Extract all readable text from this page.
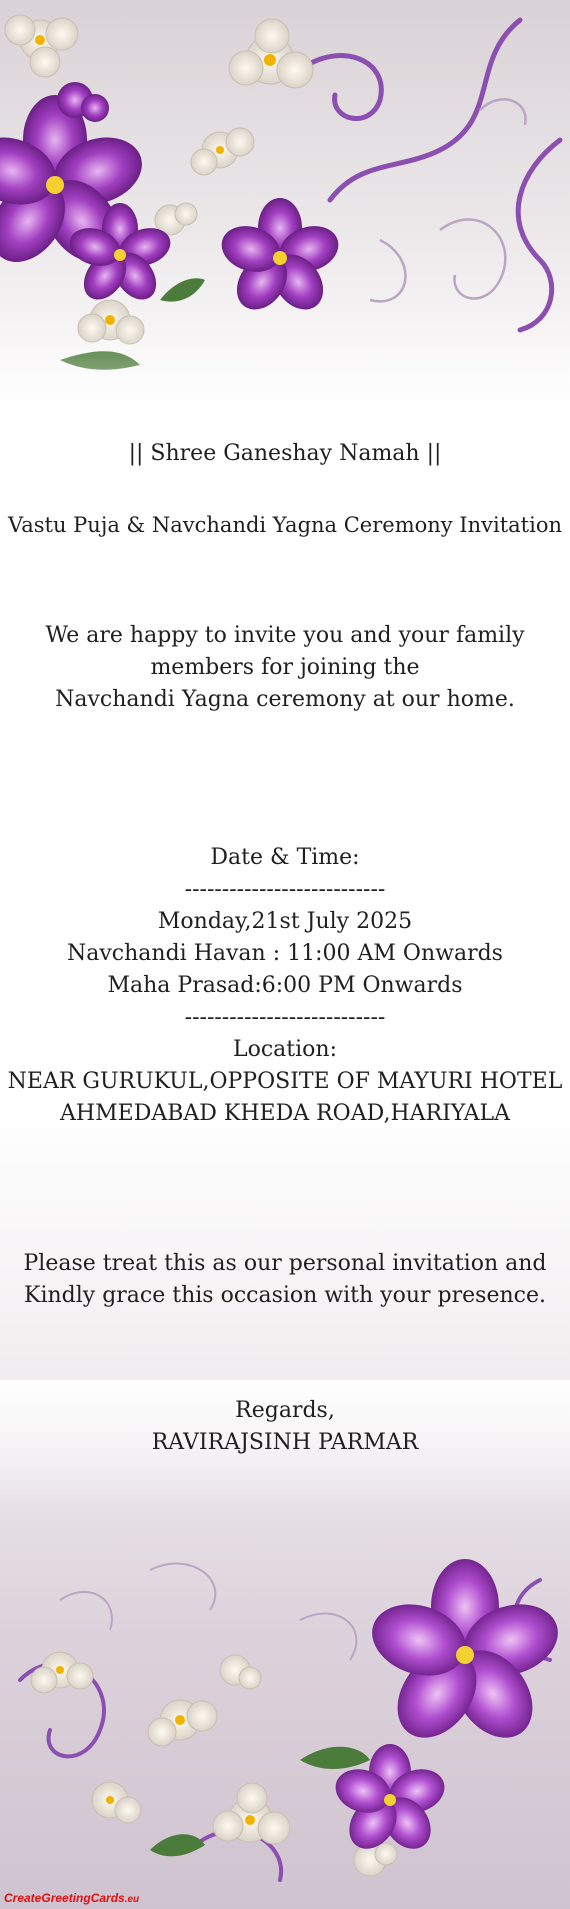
|| Shree Ganeshay Namah ||
Vastu Puja & Navchandi Yagna Ceremony Invitation
We are happy to invite you and your family
members for joining the
Navchandi Yagna ceremony at our home.
Date & Time:
---------------------------
Monday,21st July 2025
Navchandi Havan : 11:00 AM Onwards
Maha Prasad:6:00 PM Onwards
---------------------------
Location:
NEAR GURUKUL,OPPOSITE OF MAYURI HOTEL
AHMEDABAD KHEDA ROAD,HARIYALA
Please treat this as our personal invitation and
Kindly grace this occasion with your presence.
Regards,
RAVIRAJSINH PARMAR
CreateGreetingCards.eu
